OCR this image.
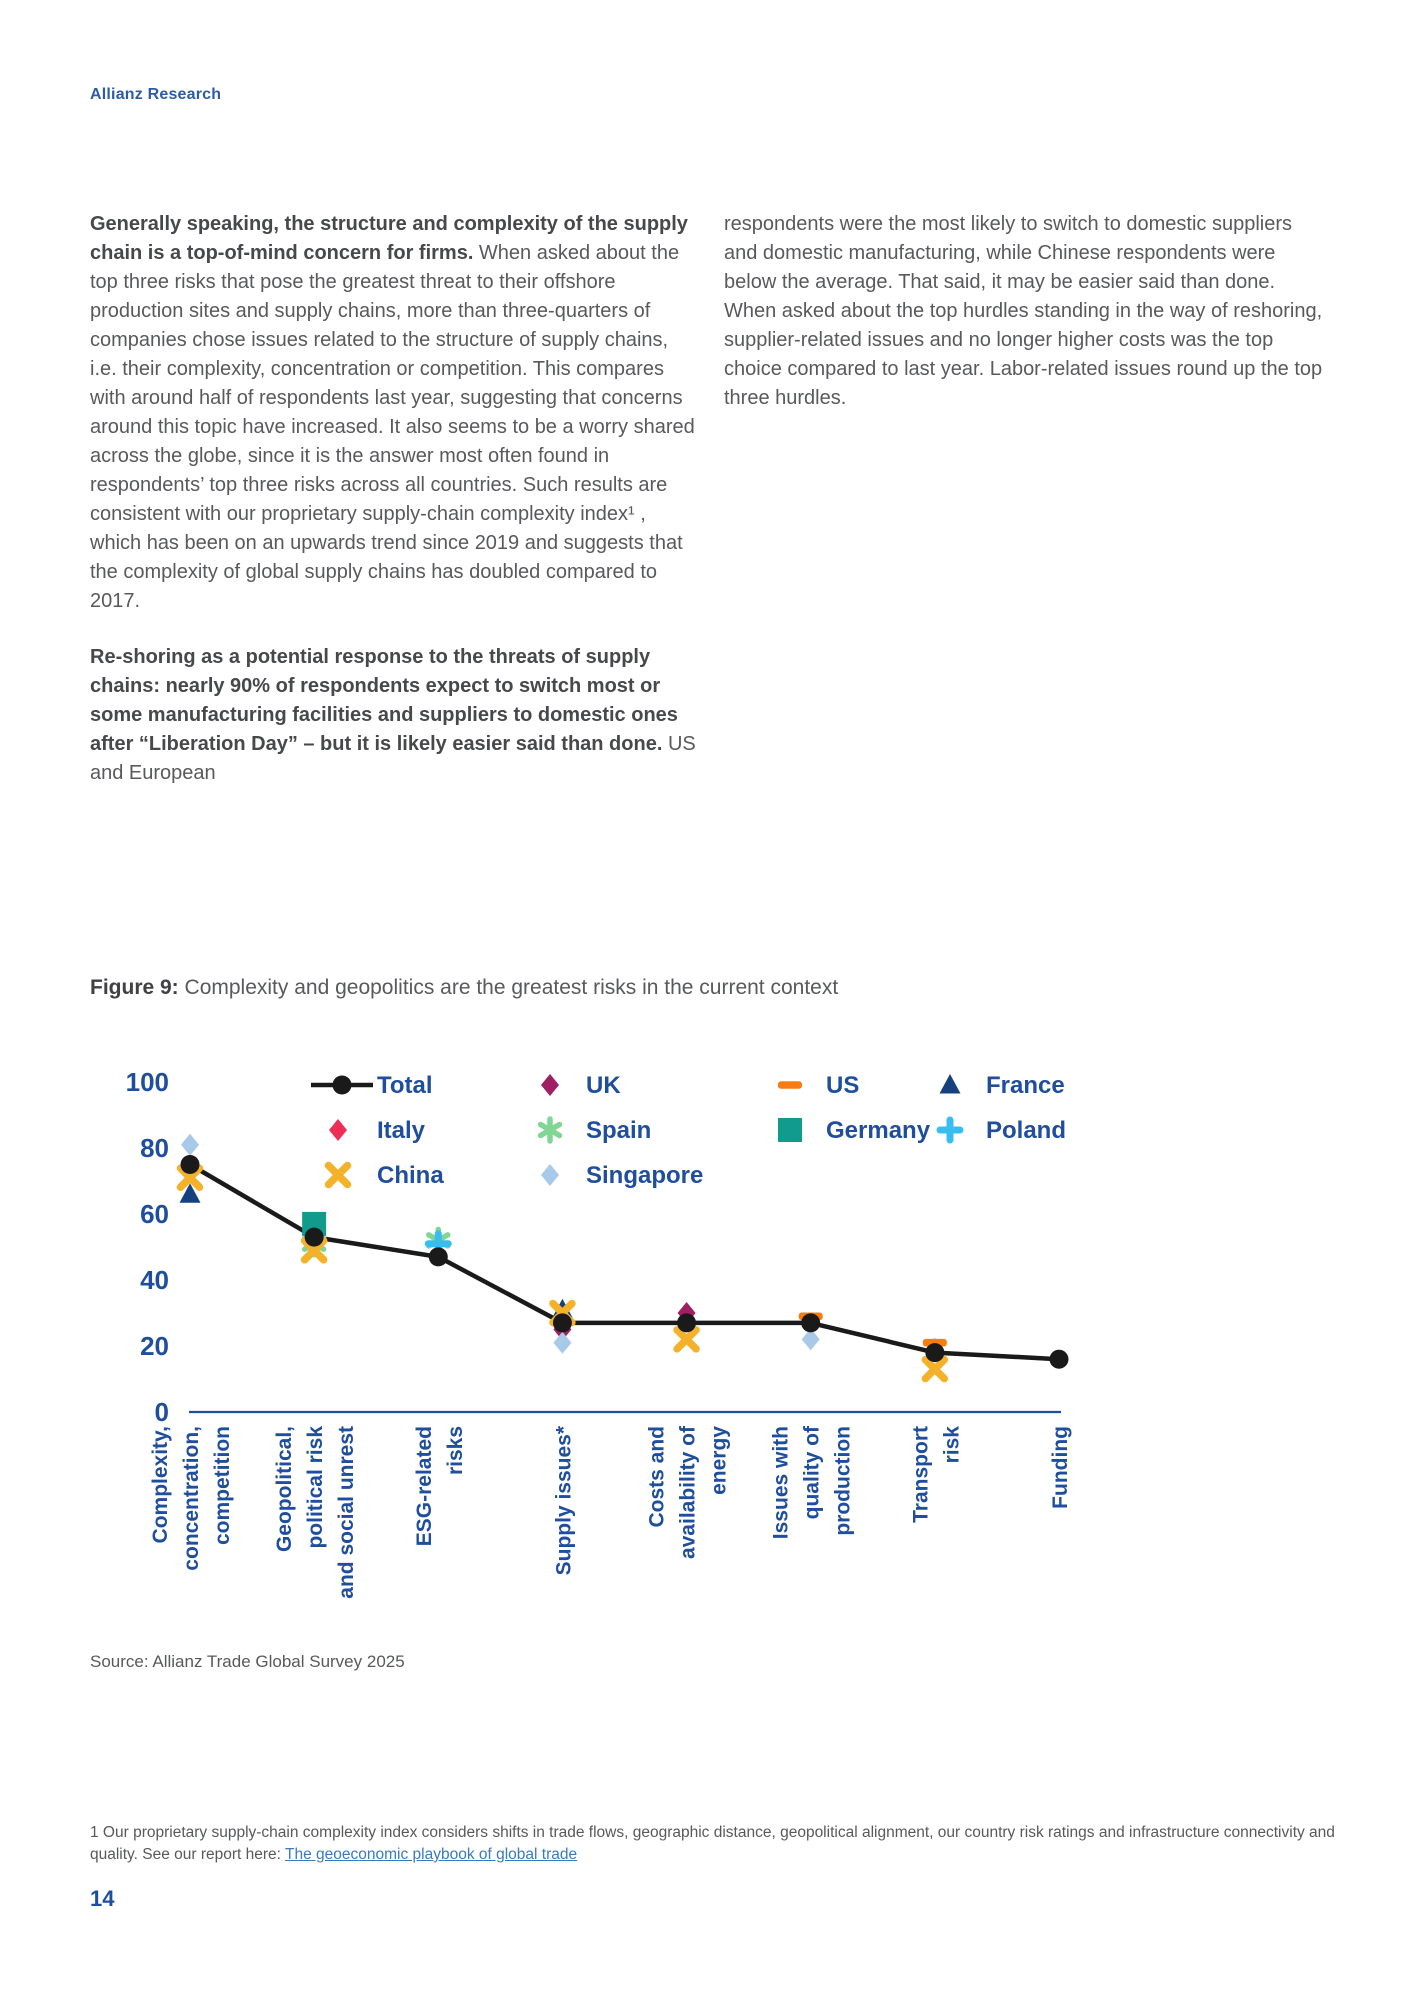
Allianz Research

Generally speaking, the structure and complexity of the supply chain is a top-of-mind concern for firms. When asked about the top three risks that pose the greatest threat to their offshore production sites and supply chains, more than three-quarters of companies chose issues related to the structure of supply chains, i.e. their complexity, concentration or competition. This compares with around half of respondents last year, suggesting that concerns around this topic have increased. It also seems to be a worry shared across the globe, since it is the answer most often found in respondents’ top three risks across all countries. Such results are consistent with our proprietary supply-chain complexity index¹ , which has been on an upwards trend since 2019 and suggests that the complexity of global supply chains has doubled compared to 2017.

Re-shoring as a potential response to the threats of supply chains: nearly 90% of respondents expect to switch most or some manufacturing facilities and suppliers to domestic ones after “Liberation Day” – but it is likely easier said than done. US and European

respondents were the most likely to switch to domestic suppliers and domestic manufacturing, while Chinese respondents were below the average. That said, it may be easier said than done. When asked about the top hurdles standing in the way of reshoring, supplier-related issues and no longer higher costs was the top choice compared to last year. Labor-related issues round up the top three hurdles.

Figure 9: Complexity and geopolitics are the greatest risks in the current context
0
20
40
60
80
100
Complexity, concentration, competition Geopolitical, political risk and social unrest	ESG-related risks	Supply issues*	Costs and availability of energy Issues with quality of production	Transport risk	Funding
Total	UK	US	France
Italy	Spain	Germany Poland
China	Singapore
Source: Allianz Trade Global Survey 2025
1 Our proprietary supply-chain complexity index considers shifts in trade flows, geographic distance, geopolitical alignment, our country risk ratings and infrastructure connectivity and quality. See our report here: The geoeconomic playbook of global trade
14
